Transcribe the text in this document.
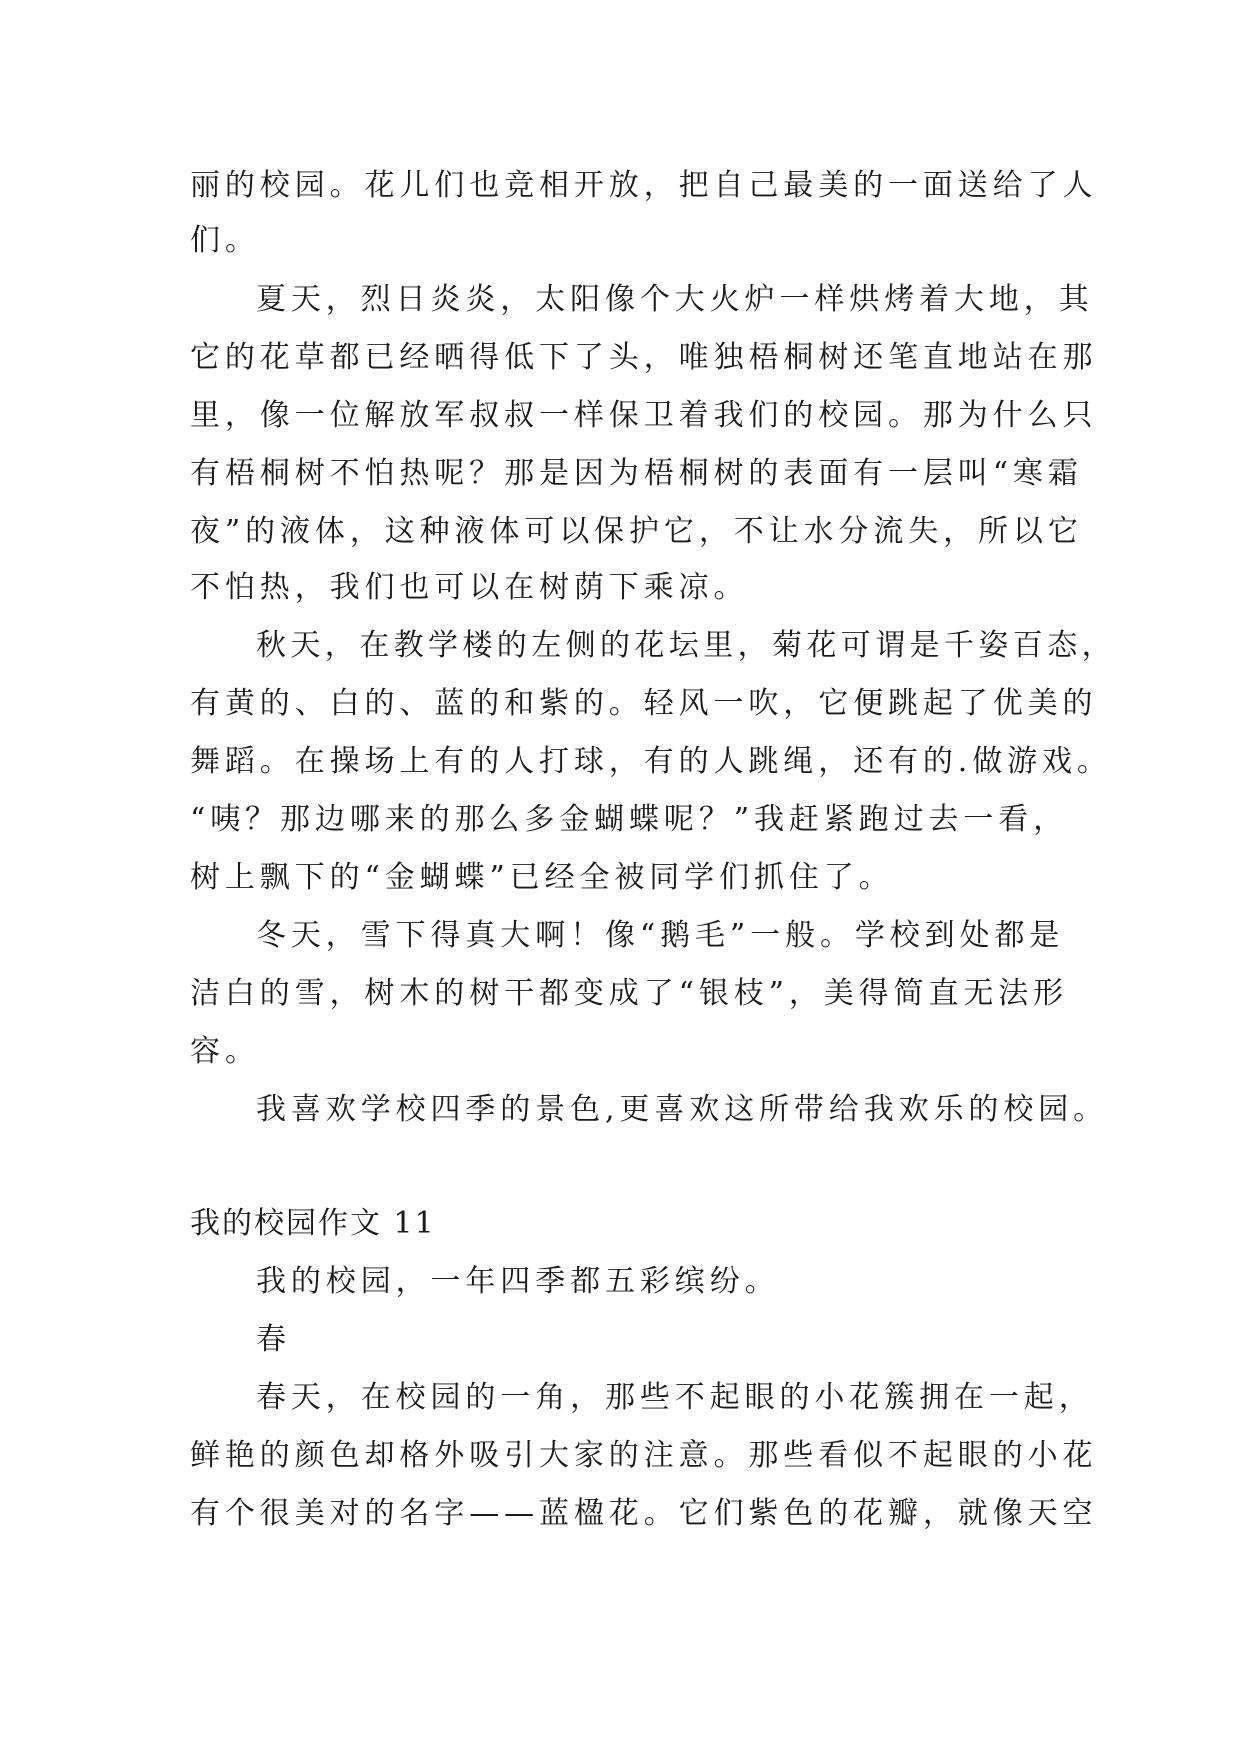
丽的校园。花儿们也竞相开放，把自己最美的一面送给了人
们。
夏天，烈日炎炎，太阳像个大火炉一样烘烤着大地，其
它的花草都已经晒得低下了头，唯独梧桐树还笔直地站在那
里，像一位解放军叔叔一样保卫着我们的校园。那为什么只
有梧桐树不怕热呢？那是因为梧桐树的表面有一层叫“寒霜
夜”的液体，这种液体可以保护它，不让水分流失，所以它
不怕热，我们也可以在树荫下乘凉。
秋天，在教学楼的左侧的花坛里，菊花可谓是千姿百态，
有黄的、白的、蓝的和紫的。轻风一吹，它便跳起了优美的
舞蹈。在操场上有的人打球，有的人跳绳，还有的.做游戏。
“咦？那边哪来的那么多金蝴蝶呢？”我赶紧跑过去一看，
树上飘下的“金蝴蝶”已经全被同学们抓住了。
冬天，雪下得真大啊！像“鹅毛”一般。学校到处都是
洁白的雪，树木的树干都变成了“银枝”，美得简直无法形
容。
我喜欢学校四季的景色,更喜欢这所带给我欢乐的校园。
我的校园作文 11
我的校园，一年四季都五彩缤纷。
春
春天，在校园的一角，那些不起眼的小花簇拥在一起，
鲜艳的颜色却格外吸引大家的注意。那些看似不起眼的小花
有个很美对的名字——蓝楹花。它们紫色的花瓣，就像天空
